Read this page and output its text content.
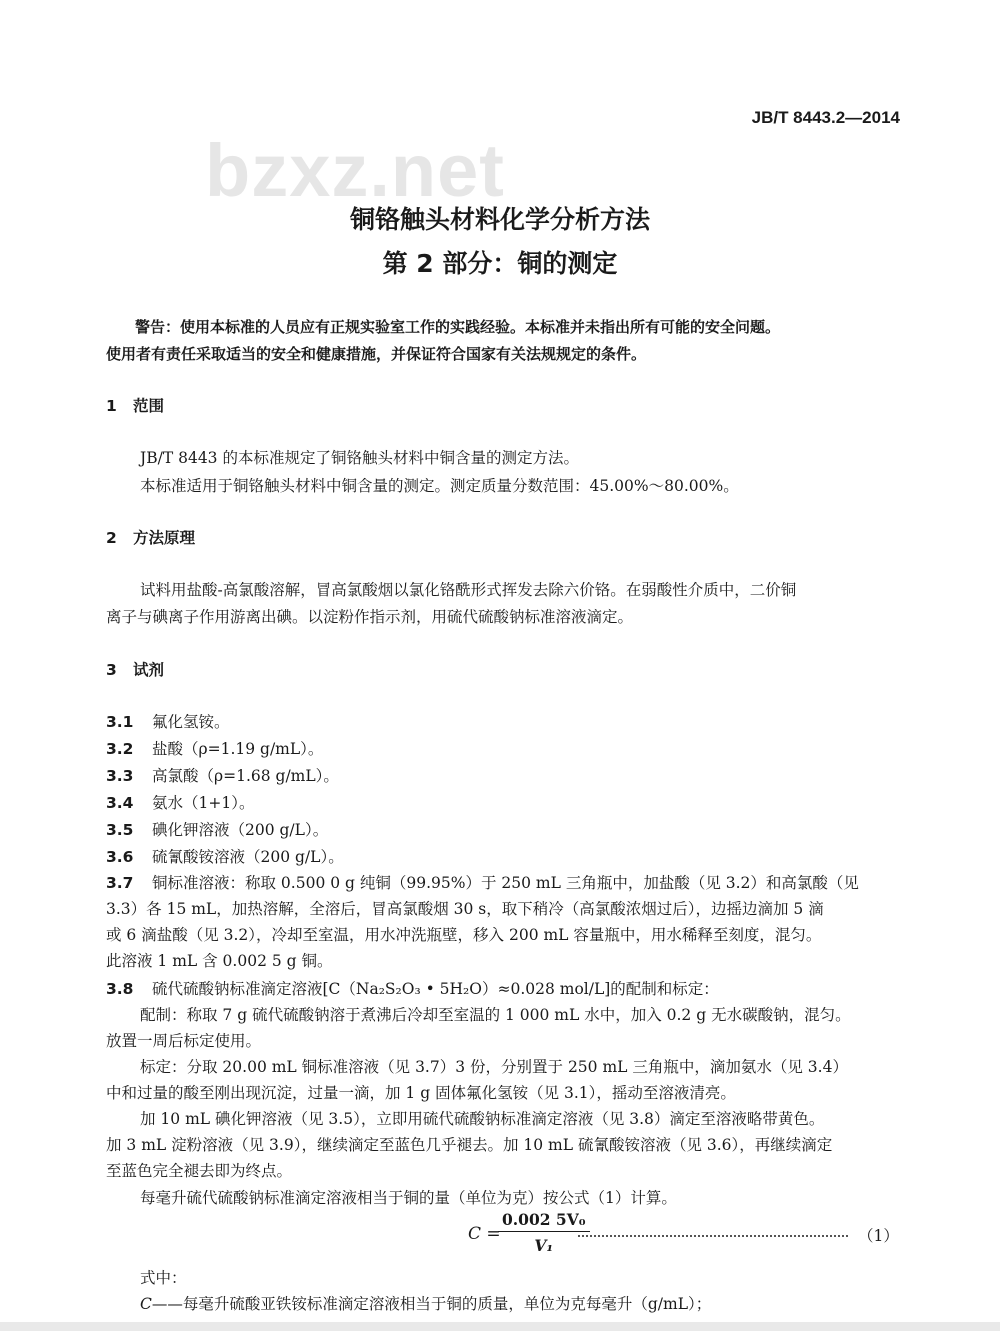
bzxz.net
JB/T 8443.2—2014
铜铬触头材料化学分析方法
第 2 部分：铜的测定
警告：使用本标准的人员应有正规实验室工作的实践经验。本标准并未指出所有可能的安全问题。
使用者有责任采取适当的安全和健康措施，并保证符合国家有关法规规定的条件。
1 范围
JB/T 8443 的本标准规定了铜铬触头材料中铜含量的测定方法。
本标准适用于铜铬触头材料中铜含量的测定。测定质量分数范围：45.00%～80.00%。
2 方法原理
试料用盐酸-高氯酸溶解，冒高氯酸烟以氯化铬酰形式挥发去除六价铬。在弱酸性介质中，二价铜
离子与碘离子作用游离出碘。以淀粉作指示剂，用硫代硫酸钠标准溶液滴定。
3 试剂
3.1 氟化氢铵。
3.2 盐酸（ρ=1.19 g/mL）。
3.3 高氯酸（ρ=1.68 g/mL）。
3.4 氨水（1+1）。
3.5 碘化钾溶液（200 g/L）。
3.6 硫氰酸铵溶液（200 g/L）。
3.7 铜标准溶液：称取 0.500 0 g 纯铜（99.95%）于 250 mL 三角瓶中，加盐酸（见 3.2）和高氯酸（见
3.3）各 15 mL，加热溶解，全溶后，冒高氯酸烟 30 s，取下稍冷（高氯酸浓烟过后），边摇边滴加 5 滴
或 6 滴盐酸（见 3.2），冷却至室温，用水冲洗瓶壁，移入 200 mL 容量瓶中，用水稀释至刻度，混匀。
此溶液 1 mL 含 0.002 5 g 铜。
3.8 硫代硫酸钠标准滴定溶液[C（Na₂S₂O₃ • 5H₂O）≈0.028 mol/L]的配制和标定：
配制：称取 7 g 硫代硫酸钠溶于煮沸后冷却至室温的 1 000 mL 水中，加入 0.2 g 无水碳酸钠，混匀。
放置一周后标定使用。
标定：分取 20.00 mL 铜标准溶液（见 3.7）3 份，分别置于 250 mL 三角瓶中，滴加氨水（见 3.4）
中和过量的酸至刚出现沉淀，过量一滴，加 1 g 固体氟化氢铵（见 3.1），摇动至溶液清亮。
加 10 mL 碘化钾溶液（见 3.5），立即用硫代硫酸钠标准滴定溶液（见 3.8）滴定至溶液略带黄色。
加 3 mL 淀粉溶液（见 3.9），继续滴定至蓝色几乎褪去。加 10 mL 硫氰酸铵溶液（见 3.6），再继续滴定
至蓝色完全褪去即为终点。
每毫升硫代硫酸钠标准滴定溶液相当于铜的量（单位为克）按公式（1）计算。
C =
$\frac{\text{0.002 5V₀}}{\text{V₁}}$	（1）
式中：
C——每毫升硫酸亚铁铵标准滴定溶液相当于铜的质量，单位为克每毫升（g/mL）；
